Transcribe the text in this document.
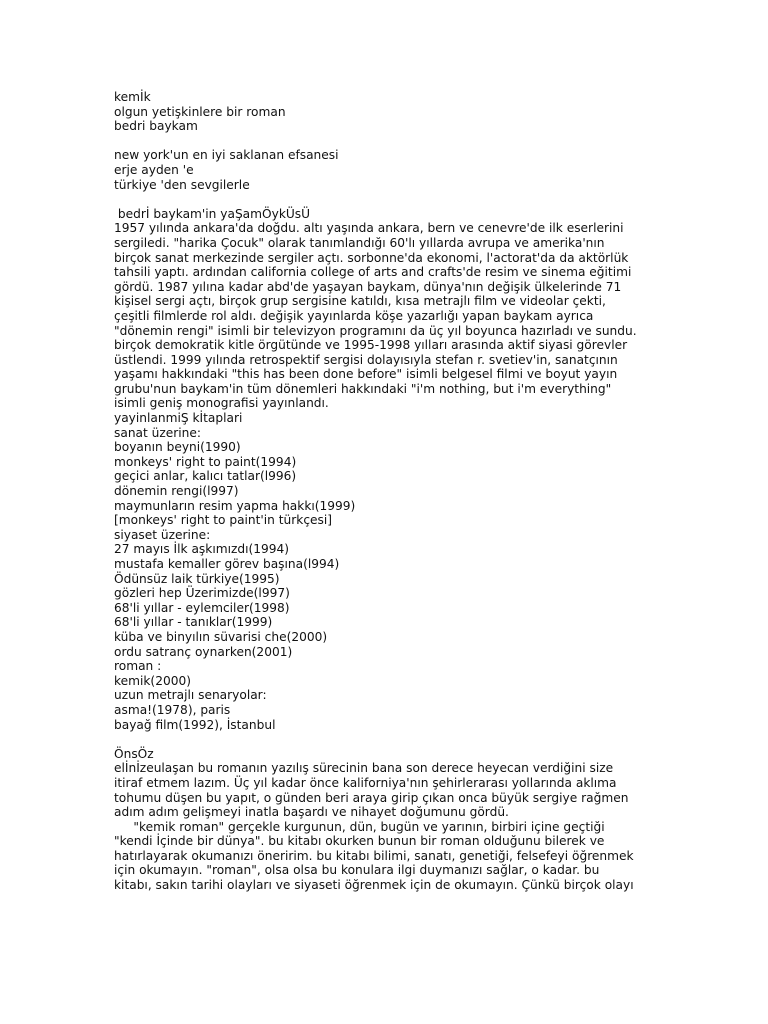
kemİk
olgun yetişkinlere bir roman
bedri baykam
new york'un en iyi saklanan efsanesi
erje ayden 'e
türkiye 'den sevgilerle
bedrİ baykam'in yaŞamÖykÜsÜ
1957 yılında ankara'da doğdu. altı yaşında ankara, bern ve cenevre'de ilk eserlerini
sergiledi. "harika Çocuk" olarak tanımlandığı 60'lı yıllarda avrupa ve amerika'nın
birçok sanat merkezinde sergiler açtı. sorbonne'da ekonomi, l'actorat'da da aktörlük
tahsili yaptı. ardından california college of arts and crafts'de resim ve sinema eğitimi
gördü. 1987 yılına kadar abd'de yaşayan baykam, dünya'nın değişik ülkelerinde 71
kişisel sergi açtı, birçok grup sergisine katıldı, kısa metrajlı film ve videolar çekti,
çeşitli filmlerde rol aldı. değişik yayınlarda köşe yazarlığı yapan baykam ayrıca
"dönemin rengi" isimli bir televizyon programını da üç yıl boyunca hazırladı ve sundu.
birçok demokratik kitle örgütünde ve 1995-1998 yılları arasında aktif siyasi görevler
üstlendi. 1999 yılında retrospektif sergisi dolayısıyla stefan r. svetiev'in, sanatçının
yaşamı hakkındaki "this has been done before" isimli belgesel filmi ve boyut yayın
grubu'nun baykam'in tüm dönemleri hakkındaki "i'm nothing, but i'm everything"
isimli geniş monografisi yayınlandı.
yayinlanmiŞ kİtaplari
sanat üzerine:
boyanın beyni(1990)
monkeys' right to paint(1994)
geçici anlar, kalıcı tatlar(l996)
dönemin rengi(l997)
maymunların resim yapma hakkı(1999)
[monkeys' right to paint'in türkçesi]
siyaset üzerine:
27 mayıs İlk aşkımızdı(1994)
mustafa kemaller görev başına(l994)
Ödünsüz laik türkiye(1995)
gözleri hep Üzerimizde(l997)
68'li yıllar - eylemciler(1998)
68'li yıllar - tanıklar(1999)
küba ve binyılın süvarisi che(2000)
ordu satranç oynarken(2001)
roman :
kemik(2000)
uzun metrajlı senaryolar:
asma!(1978), paris
bayağ film(1992), İstanbul
ÖnsÖz
elİnİzeulaşan bu romanın yazılış sürecinin bana son derece heyecan verdiğini size
itiraf etmem lazım. Üç yıl kadar önce kaliforniya'nın şehirlerarası yollarında aklıma
tohumu düşen bu yapıt, o günden beri araya girip çıkan onca büyük sergiye rağmen
adım adım gelişmeyi inatla başardı ve nihayet doğumunu gördü.
"kemik roman" gerçekle kurgunun, dün, bugün ve yarının, birbiri içine geçtiği
"kendi İçinde bir dünya". bu kitabı okurken bunun bir roman olduğunu bilerek ve
hatırlayarak okumanızı öneririm. bu kitabı bilimi, sanatı, genetiği, felsefeyi öğrenmek
için okumayın. "roman", olsa olsa bu konulara ilgi duymanızı sağlar, o kadar. bu
kitabı, sakın tarihi olayları ve siyaseti öğrenmek için de okumayın. Çünkü birçok olayı
